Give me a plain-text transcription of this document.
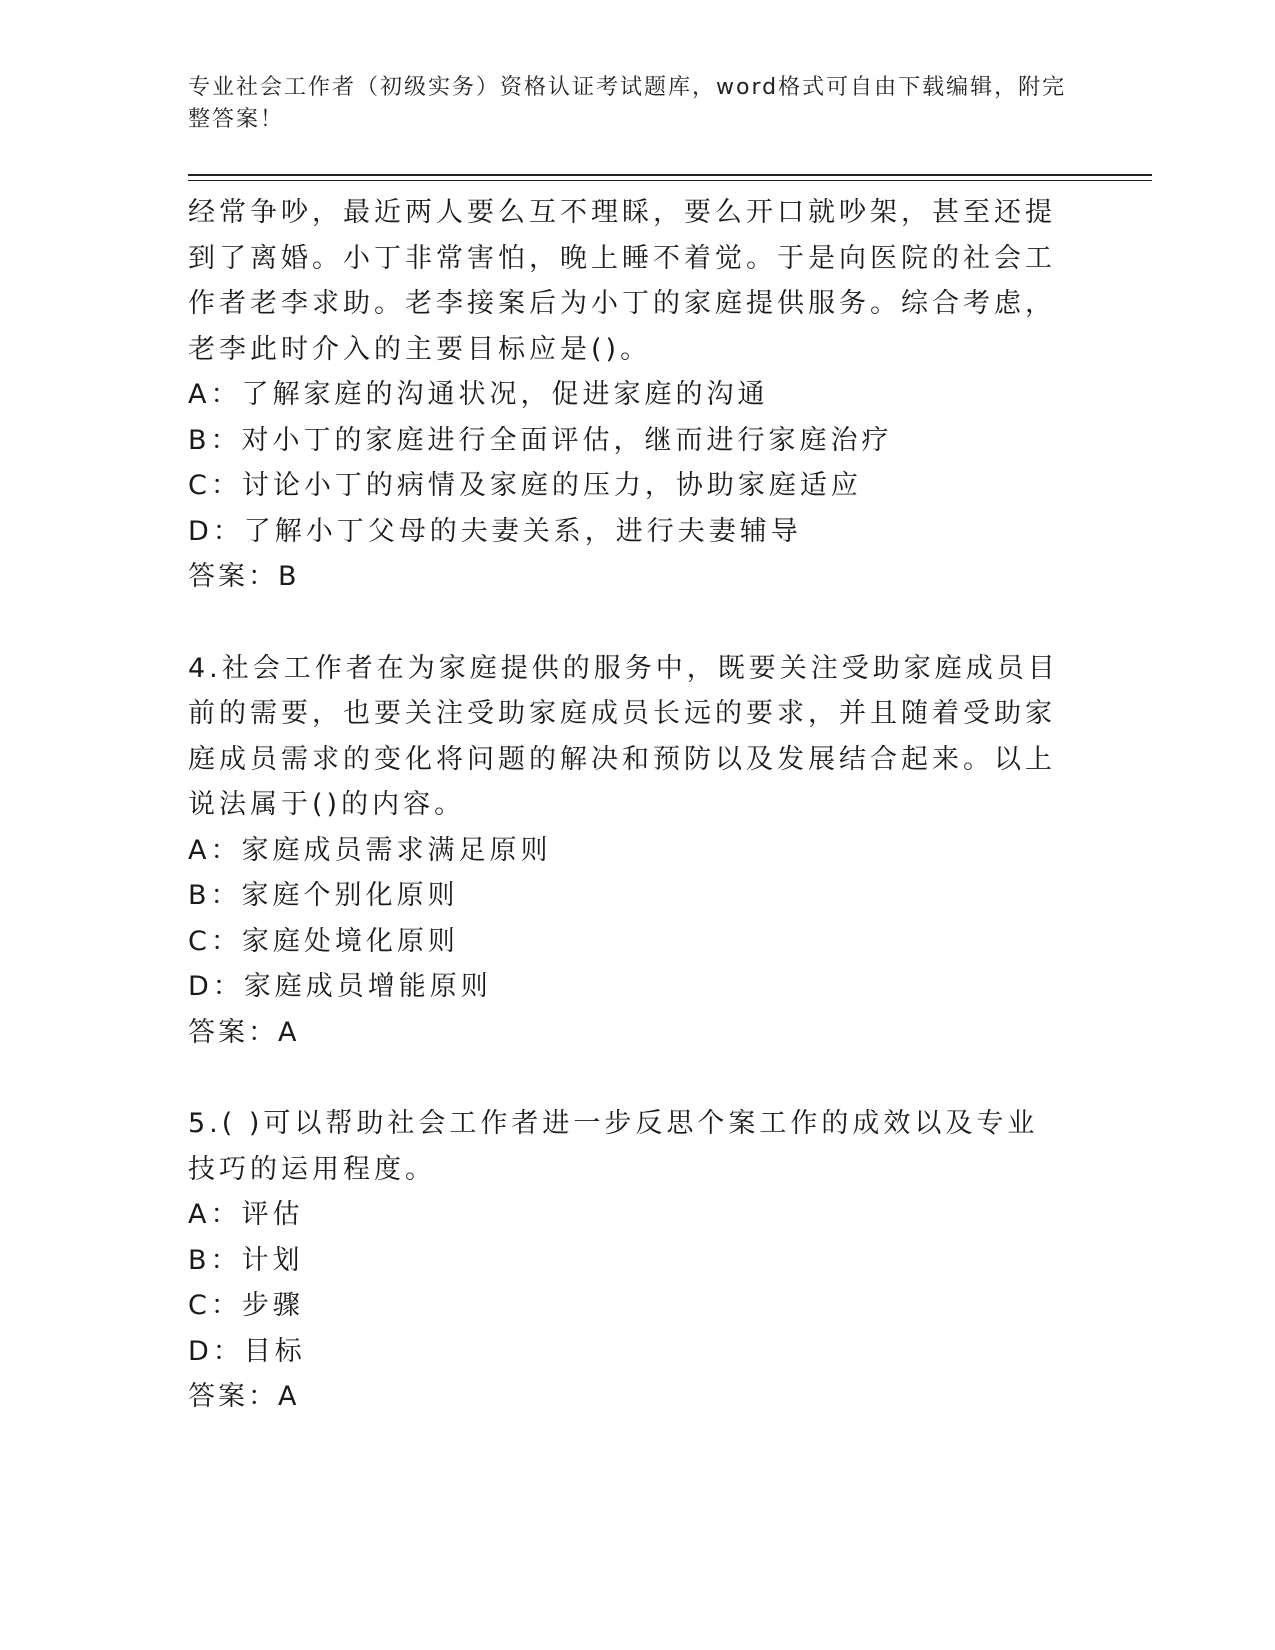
专业社会工作者（初级实务）资格认证考试题库，word格式可自由下载编辑，附完整答案！

经常争吵，最近两人要么互不理睬，要么开口就吵架，甚至还提到了离婚。小丁非常害怕，晚上睡不着觉。于是向医院的社会工作者老李求助。老李接案后为小丁的家庭提供服务。综合考虑，老李此时介入的主要目标应是()。

A：了解家庭的沟通状况，促进家庭的沟通

B：对小丁的家庭进行全面评估，继而进行家庭治疗

C：讨论小丁的病情及家庭的压力，协助家庭适应

D：了解小丁父母的夫妻关系，进行夫妻辅导

答案：B

4.社会工作者在为家庭提供的服务中，既要关注受助家庭成员目前的需要，也要关注受助家庭成员长远的要求，并且随着受助家庭成员需求的变化将问题的解决和预防以及发展结合起来。以上说法属于()的内容。

A：家庭成员需求满足原则

B：家庭个别化原则

C：家庭处境化原则

D：家庭成员增能原则

答案：A

5.( )可以帮助社会工作者进一步反思个案工作的成效以及专业技巧的运用程度。

A：评估

B：计划

C：步骤

D：目标

答案：A
